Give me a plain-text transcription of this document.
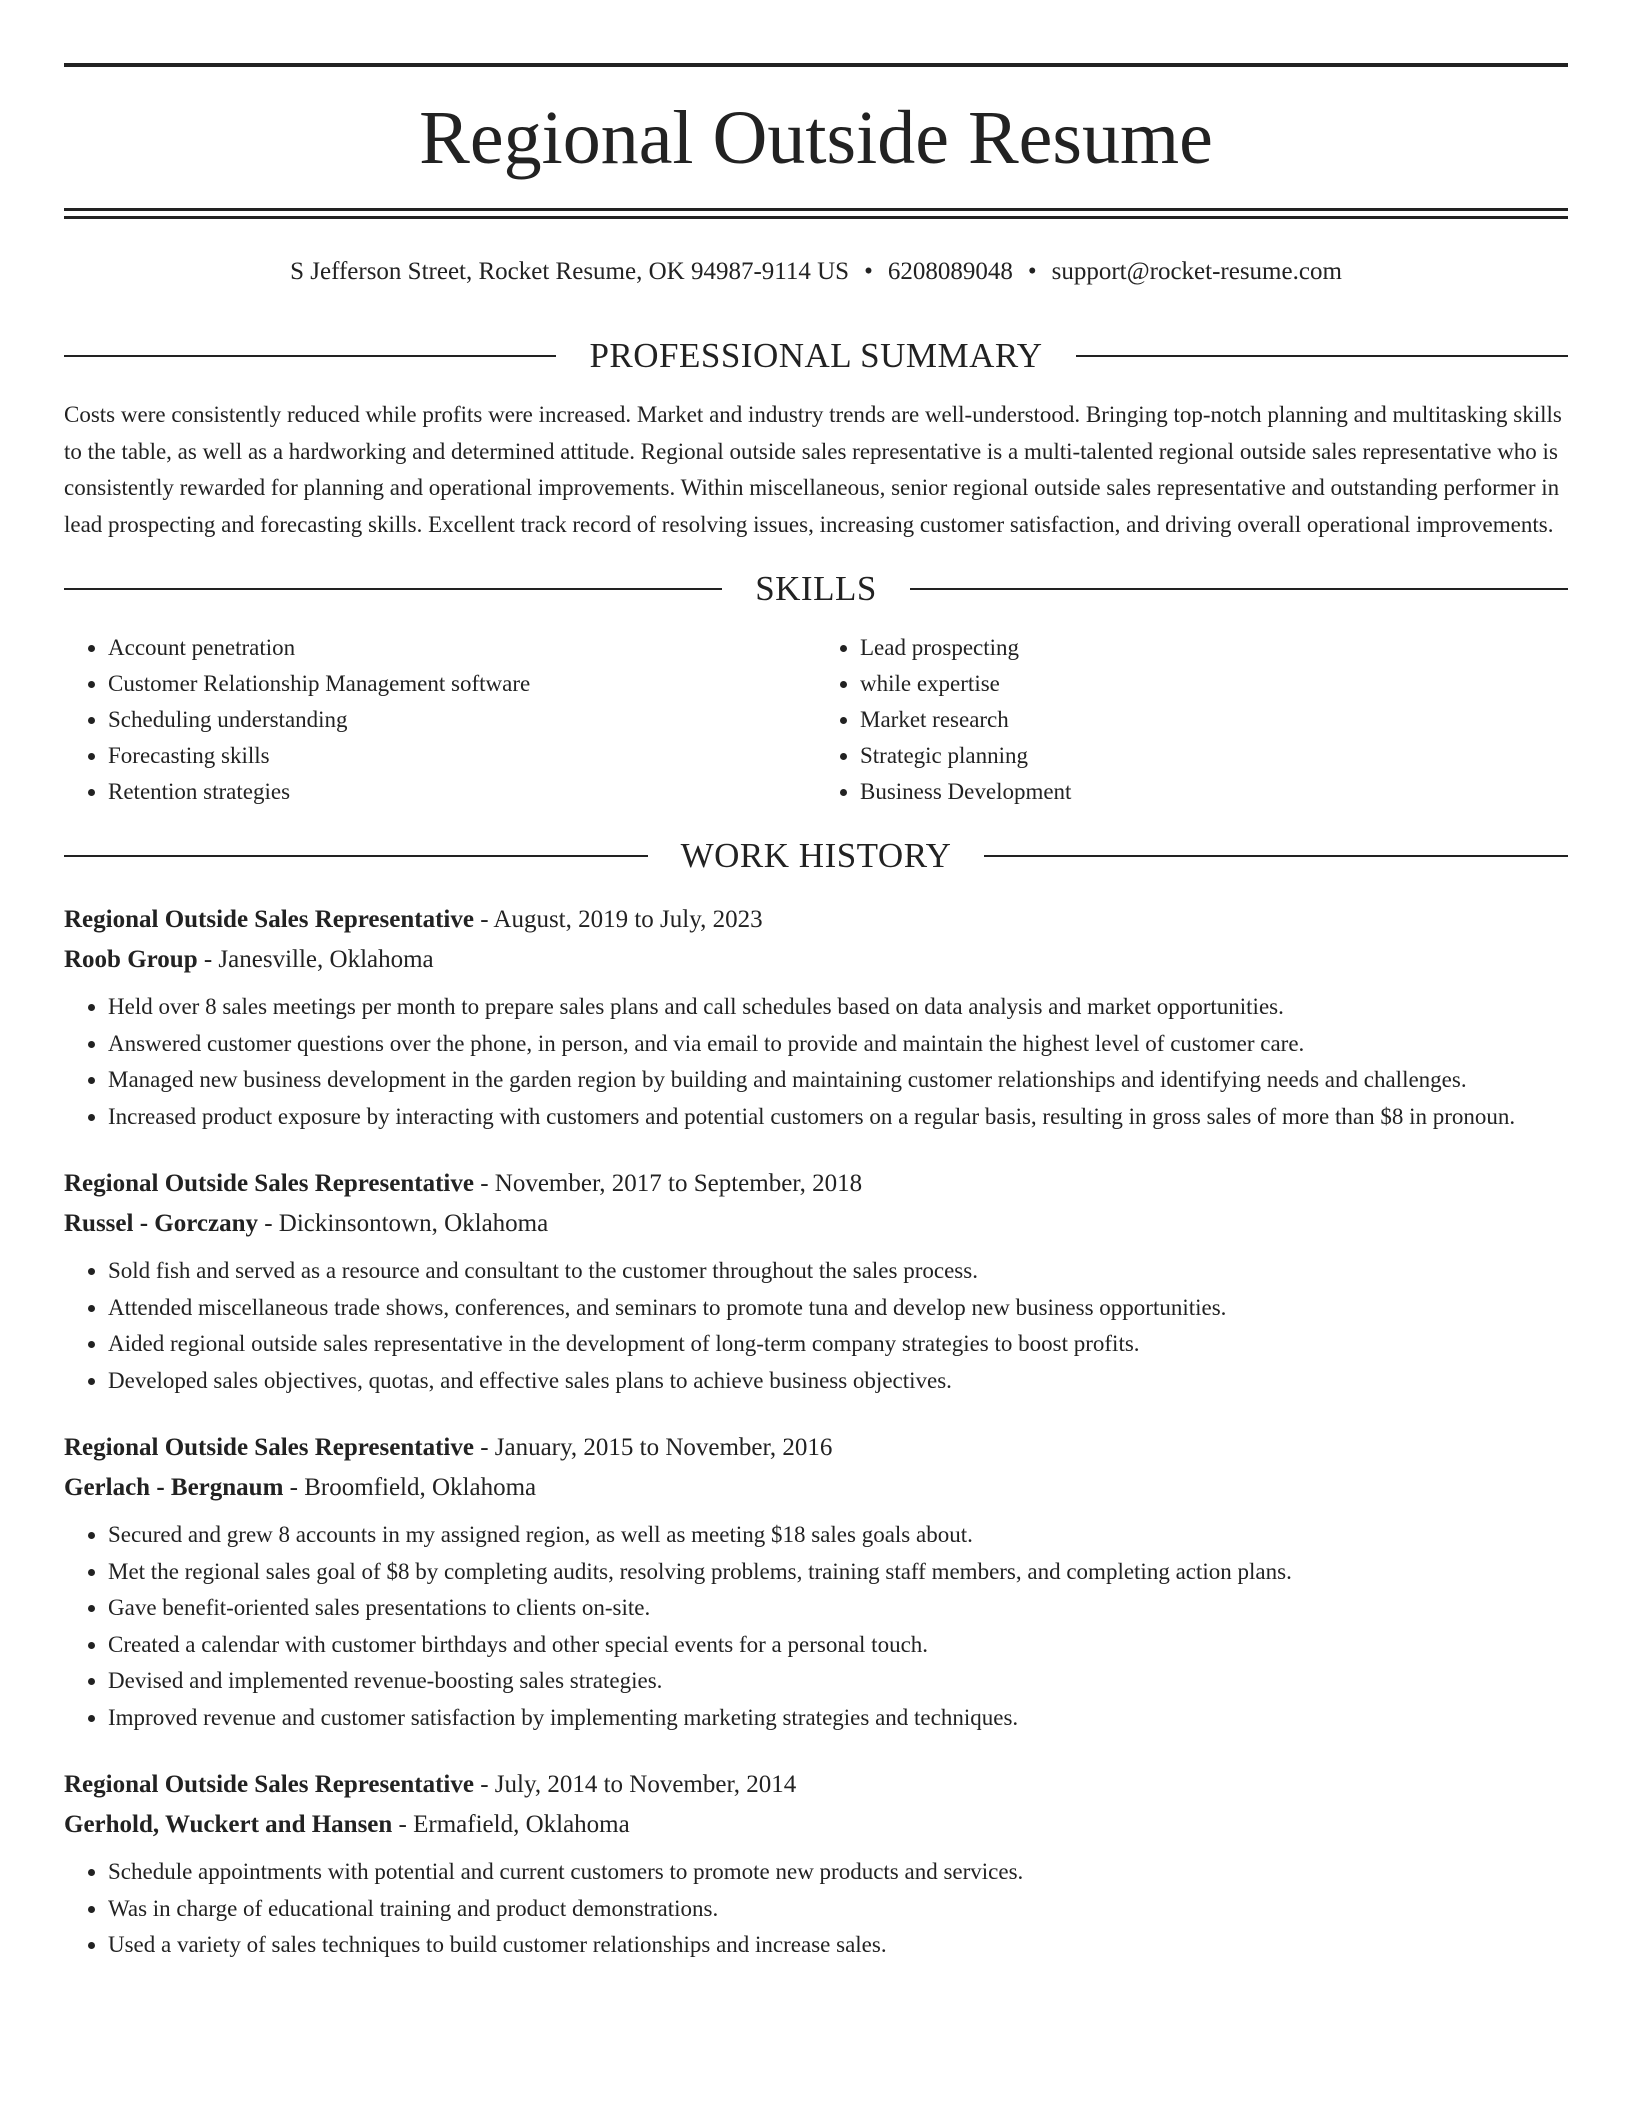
Regional Outside Resume
S Jefferson Street, Rocket Resume, OK 94987-9114 US • 6208089048 • support@rocket-resume.com
PROFESSIONAL SUMMARY

Costs were consistently reduced while profits were increased. Market and industry trends are well-understood. Bringing top-notch planning and multitasking skills to the table, as well as a hardworking and determined attitude. Regional outside sales representative is a multi-talented regional outside sales representative who is consistently rewarded for planning and operational improvements. Within miscellaneous, senior regional outside sales representative and outstanding performer in lead prospecting and forecasting skills. Excellent track record of resolving issues, increasing customer satisfaction, and driving overall operational improvements.

SKILLS
• Account penetration
• Customer Relationship Management software
• Scheduling understanding
• Forecasting skills
• Retention strategies
• Lead prospecting
• while expertise
• Market research
• Strategic planning
• Business Development
WORK HISTORY
Regional Outside Sales Representative - August, 2019 to July, 2023
Roob Group - Janesville, Oklahoma
• Held over 8 sales meetings per month to prepare sales plans and call schedules based on data analysis and market opportunities.
• Answered customer questions over the phone, in person, and via email to provide and maintain the highest level of customer care.
• Managed new business development in the garden region by building and maintaining customer relationships and identifying needs and challenges.
• Increased product exposure by interacting with customers and potential customers on a regular basis, resulting in gross sales of more than $8 in pronoun.
Regional Outside Sales Representative - November, 2017 to September, 2018
Russel - Gorczany - Dickinsontown, Oklahoma
• Sold fish and served as a resource and consultant to the customer throughout the sales process.
• Attended miscellaneous trade shows, conferences, and seminars to promote tuna and develop new business opportunities.
• Aided regional outside sales representative in the development of long-term company strategies to boost profits.
• Developed sales objectives, quotas, and effective sales plans to achieve business objectives.
Regional Outside Sales Representative - January, 2015 to November, 2016
Gerlach - Bergnaum - Broomfield, Oklahoma
• Secured and grew 8 accounts in my assigned region, as well as meeting $18 sales goals about.
• Met the regional sales goal of $8 by completing audits, resolving problems, training staff members, and completing action plans.
• Gave benefit-oriented sales presentations to clients on-site.
• Created a calendar with customer birthdays and other special events for a personal touch.
• Devised and implemented revenue-boosting sales strategies.
• Improved revenue and customer satisfaction by implementing marketing strategies and techniques.
Regional Outside Sales Representative - July, 2014 to November, 2014
Gerhold, Wuckert and Hansen - Ermafield, Oklahoma
• Schedule appointments with potential and current customers to promote new products and services.
• Was in charge of educational training and product demonstrations.
• Used a variety of sales techniques to build customer relationships and increase sales.
